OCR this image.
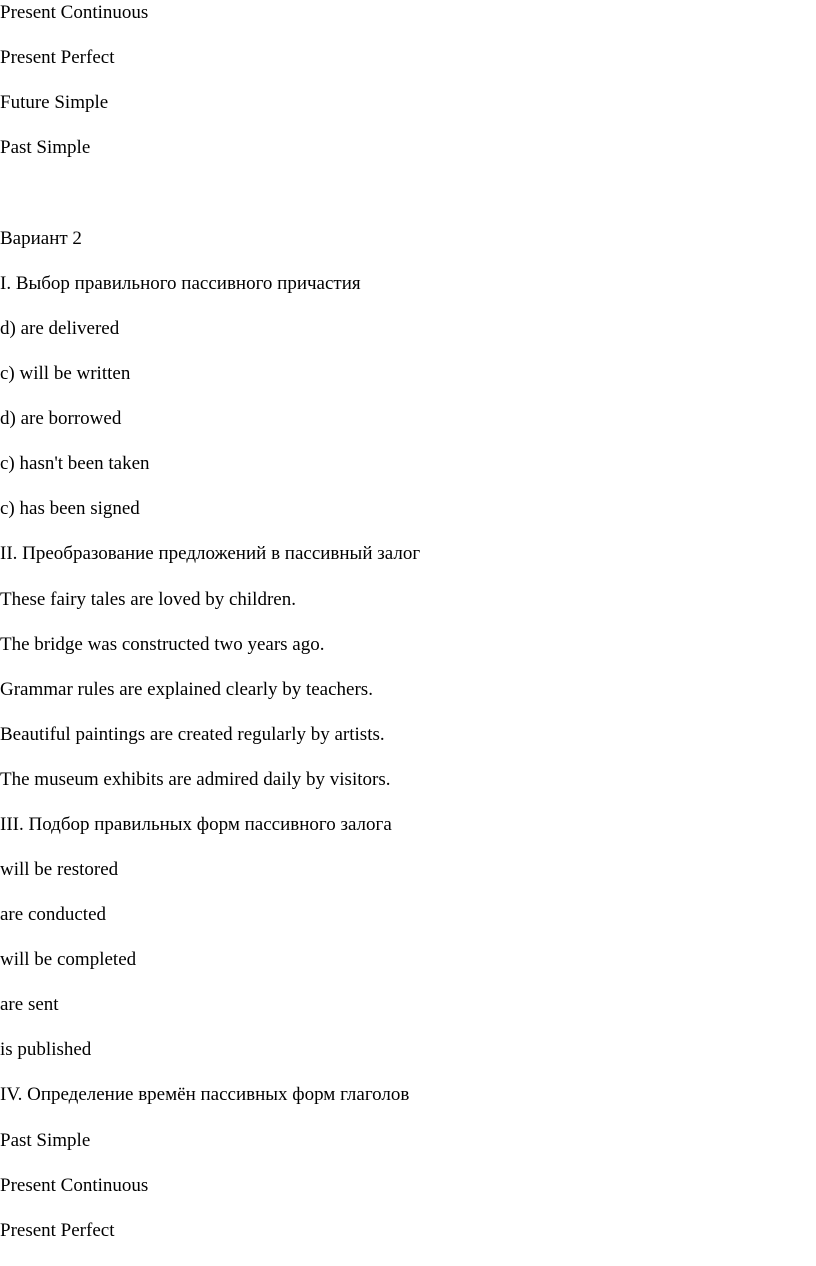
Present Continuous
Present Perfect
Future Simple
Past Simple
Вариант 2
I. Выбор правильного пассивного причастия
d) are delivered
c) will be written
d) are borrowed
c) hasn't been taken
c) has been signed
II. Преобразование предложений в пассивный залог
These fairy tales are loved by children.
The bridge was constructed two years ago.
Grammar rules are explained clearly by teachers.
Beautiful paintings are created regularly by artists.
The museum exhibits are admired daily by visitors.
III. Подбор правильных форм пассивного залога
will be restored
are conducted
will be completed
are sent
is published
IV. Определение времён пассивных форм глаголов
Past Simple
Present Continuous
Present Perfect
